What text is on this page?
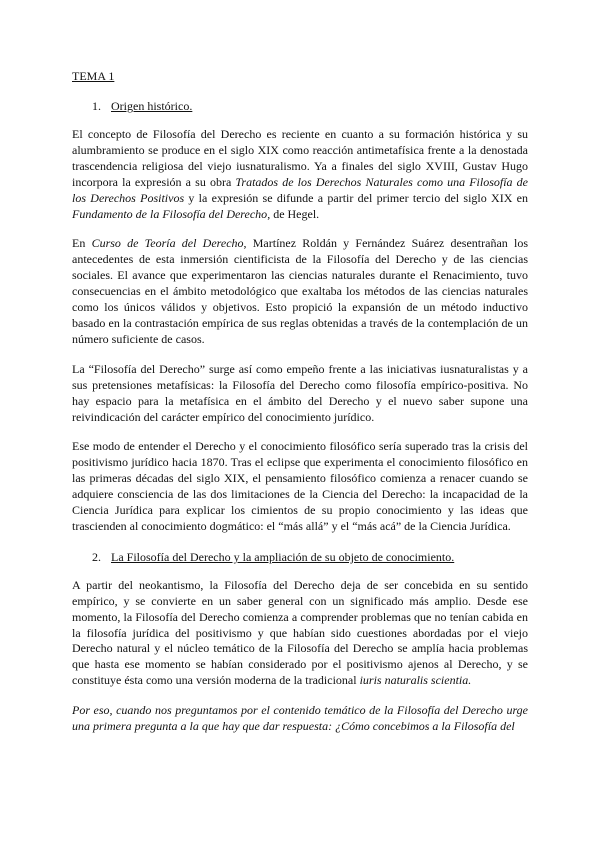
TEMA 1
1. Origen histórico.

El concepto de Filosofía del Derecho es reciente en cuanto a su formación histórica y su alumbramiento se produce en el siglo XIX como reacción antimetafísica frente a la denostada trascendencia religiosa del viejo iusnaturalismo. Ya a finales del siglo XVIII, Gustav Hugo incorpora la expresión a su obra Tratados de los Derechos Naturales como una Filosofía de los Derechos Positivos y la expresión se difunde a partir del primer tercio del siglo XIX en Fundamento de la Filosofía del Derecho, de Hegel.

En Curso de Teoría del Derecho, Martínez Roldán y Fernández Suárez desentrañan los antecedentes de esta inmersión cientificista de la Filosofía del Derecho y de las ciencias sociales. El avance que experimentaron las ciencias naturales durante el Renacimiento, tuvo consecuencias en el ámbito metodológico que exaltaba los métodos de las ciencias naturales como los únicos válidos y objetivos. Esto propició la expansión de un método inductivo basado en la contrastación empírica de sus reglas obtenidas a través de la contemplación de un número suficiente de casos.

La “Filosofía del Derecho” surge así como empeño frente a las iniciativas iusnaturalistas y a sus pretensiones metafísicas: la Filosofía del Derecho como filosofía empírico-positiva. No hay espacio para la metafísica en el ámbito del Derecho y el nuevo saber supone una reivindicación del carácter empírico del conocimiento jurídico.

Ese modo de entender el Derecho y el conocimiento filosófico sería superado tras la crisis del positivismo jurídico hacia 1870. Tras el eclipse que experimenta el conocimiento filosófico en las primeras décadas del siglo XIX, el pensamiento filosófico comienza a renacer cuando se adquiere consciencia de las dos limitaciones de la Ciencia del Derecho: la incapacidad de la Ciencia Jurídica para explicar los cimientos de su propio conocimiento y las ideas que trascienden al conocimiento dogmático: el “más allá” y el “más acá” de la Ciencia Jurídica.

2. La Filosofía del Derecho y la ampliación de su objeto de conocimiento.

A partir del neokantismo, la Filosofía del Derecho deja de ser concebida en su sentido empírico, y se convierte en un saber general con un significado más amplio. Desde ese momento, la Filosofía del Derecho comienza a comprender problemas que no tenían cabida en la filosofía jurídica del positivismo y que habían sido cuestiones abordadas por el viejo Derecho natural y el núcleo temático de la Filosofía del Derecho se amplía hacia problemas que hasta ese momento se habían considerado por el positivismo ajenos al Derecho, y se constituye ésta como una versión moderna de la tradicional iuris naturalis scientia.

Por eso, cuando nos preguntamos por el contenido temático de la Filosofía del Derecho urge una primera pregunta a la que hay que dar respuesta: ¿Cómo concebimos a la Filosofía del
